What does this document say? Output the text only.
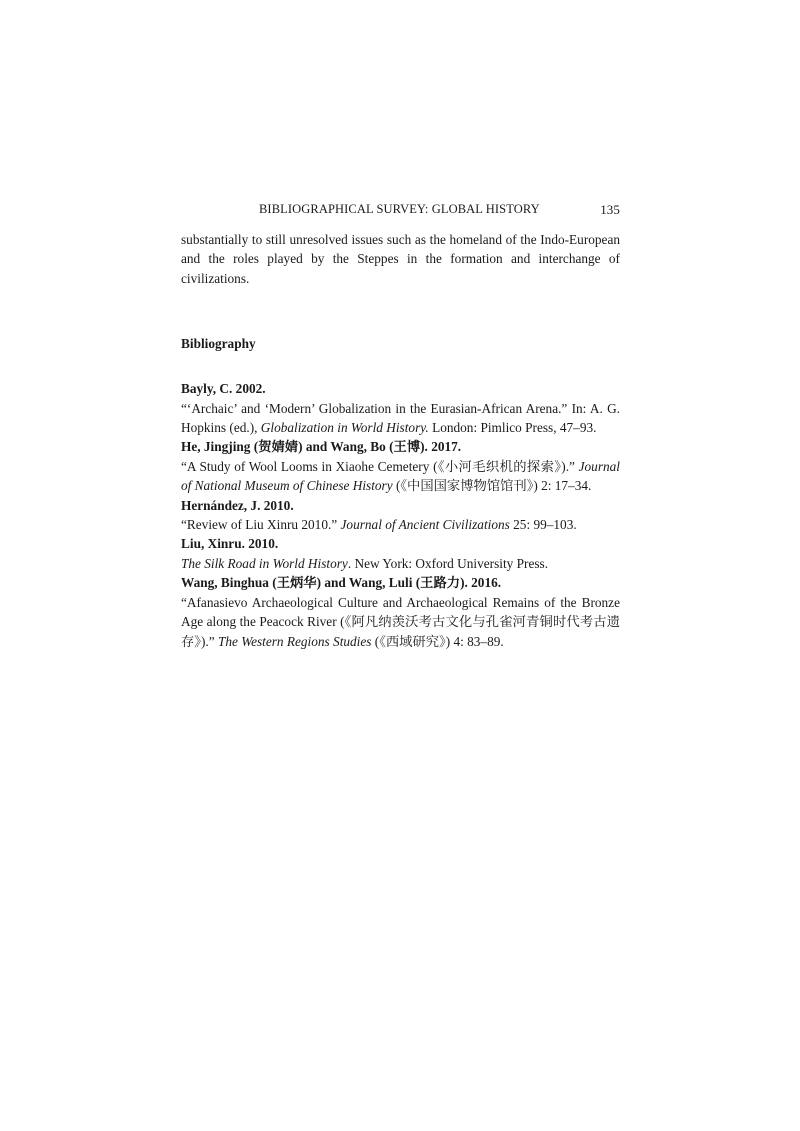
BIBLIOGRAPHICAL SURVEY: GLOBAL HISTORY	135

substantially to still unresolved issues such as the homeland of the Indo-European and the roles played by the Steppes in the formation and interchange of civilizations.

Bibliography
Bayly, C. 2002.
“‘Archaic’ and ‘Modern’ Globalization in the Eurasian-African Arena.” In: A. G. Hopkins (ed.), Globalization in World History. London: Pimlico Press, 47–93.
He, Jingjing (贺婧婧) and Wang, Bo (王博). 2017.
“A Study of Wool Looms in Xiaohe Cemetery (《小河毛织机的探索》).” Journal of National Museum of Chinese History (《中国国家博物馆馆刊》) 2: 17–34.
Hernández, J. 2010.
“Review of Liu Xinru 2010.” Journal of Ancient Civilizations 25: 99–103.
Liu, Xinru. 2010.
The Silk Road in World History. New York: Oxford University Press.
Wang, Binghua (王炳华) and Wang, Luli (王路力). 2016.
“Afanasievo Archaeological Culture and Archaeological Remains of the Bronze Age along the Peacock River (《阿凡纳羡沃考古文化与孔雀河青铜时代考古遗存》).” The Western Regions Studies (《西域研究》) 4: 83–89.
